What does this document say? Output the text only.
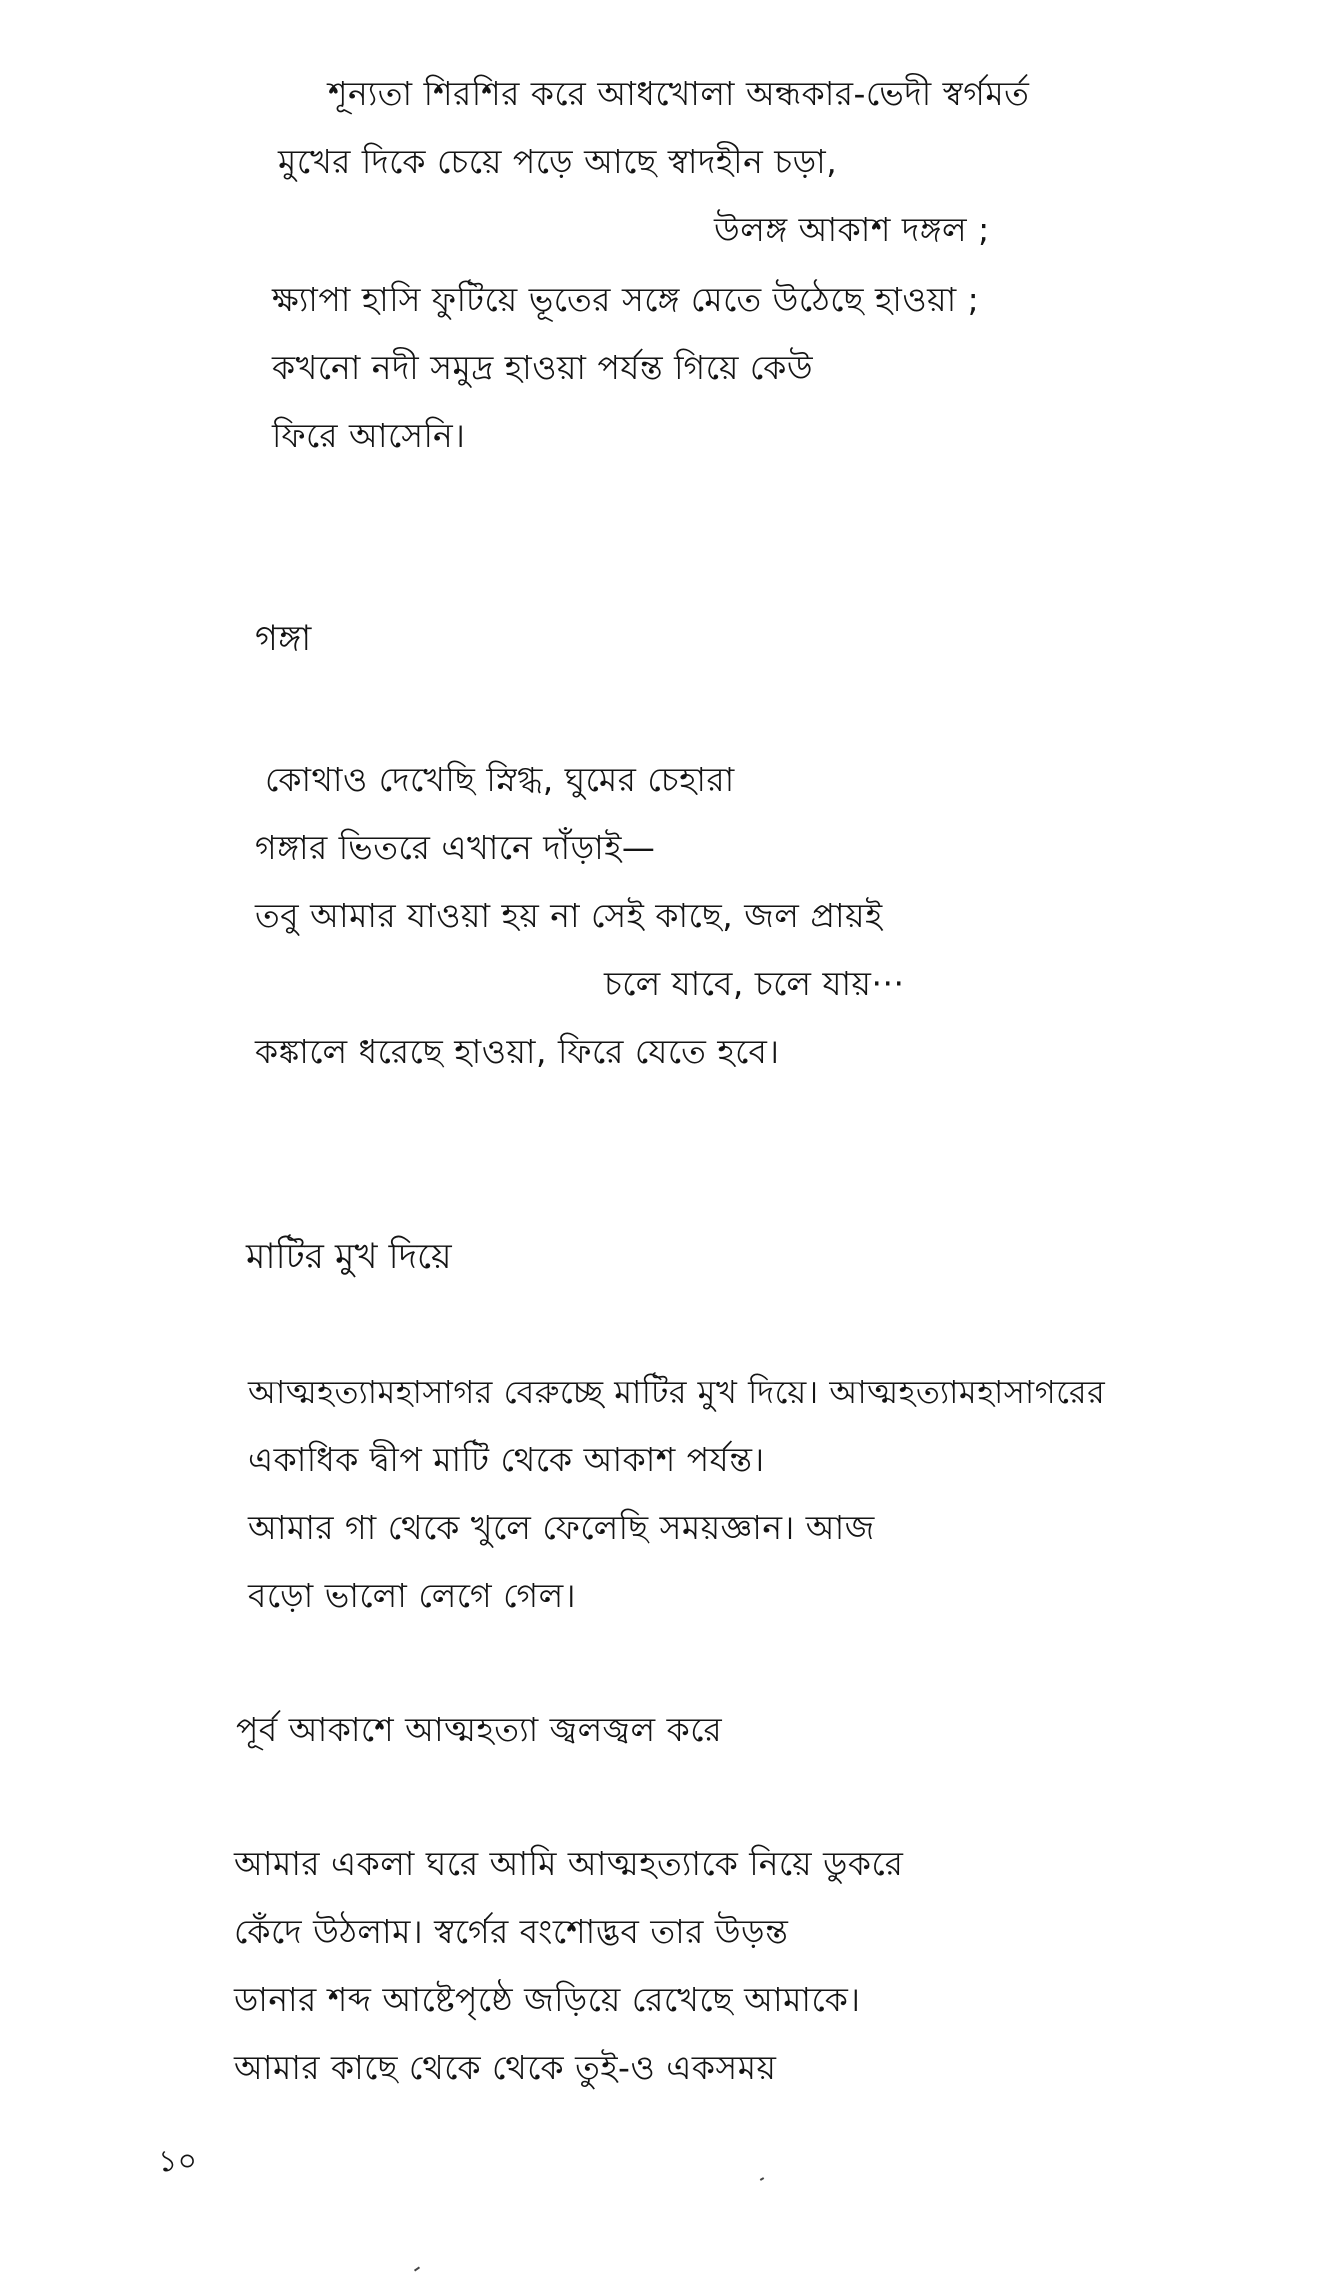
শূন্যতা শিরশির করে আধখোলা অন্ধকার-ভেদী স্বর্গমর্ত
মুখের দিকে চেয়ে পড়ে আছে স্বাদহীন চড়া,
উলঙ্গ আকাশ দঙ্গল ;
ক্ষ্যাপা হাসি ফুটিয়ে ভূতের সঙ্গে মেতে উঠেছে হাওয়া ;
কখনো নদী সমুদ্র হাওয়া পর্যন্ত গিয়ে কেউ
ফিরে আসেনি।
গঙ্গা
কোথাও দেখেছি স্নিগ্ধ, ঘুমের চেহারা
গঙ্গার ভিতরে এখানে দাঁড়াই—
তবু আমার যাওয়া হয় না সেই কাছে, জল প্রায়ই
চলে যাবে, চলে যায়···
কঙ্কালে ধরেছে হাওয়া, ফিরে যেতে হবে।
মাটির মুখ দিয়ে
আত্মহত্যামহাসাগর বেরুচ্ছে মাটির মুখ দিয়ে। আত্মহত্যামহাসাগরের
একাধিক দ্বীপ মাটি থেকে আকাশ পর্যন্ত।
আমার গা থেকে খুলে ফেলেছি সময়জ্ঞান। আজ
বড়ো ভালো লেগে গেল।
পূর্ব আকাশে আত্মহত্যা জ্বলজ্বল করে
আমার একলা ঘরে আমি আত্মহত্যাকে নিয়ে ডুকরে
কেঁদে উঠলাম। স্বর্গের বংশোদ্ভব তার উড়ন্ত
ডানার শব্দ আষ্টেপৃষ্ঠে জড়িয়ে রেখেছে আমাকে।
আমার কাছে থেকে থেকে তুই-ও একসময়
১০
